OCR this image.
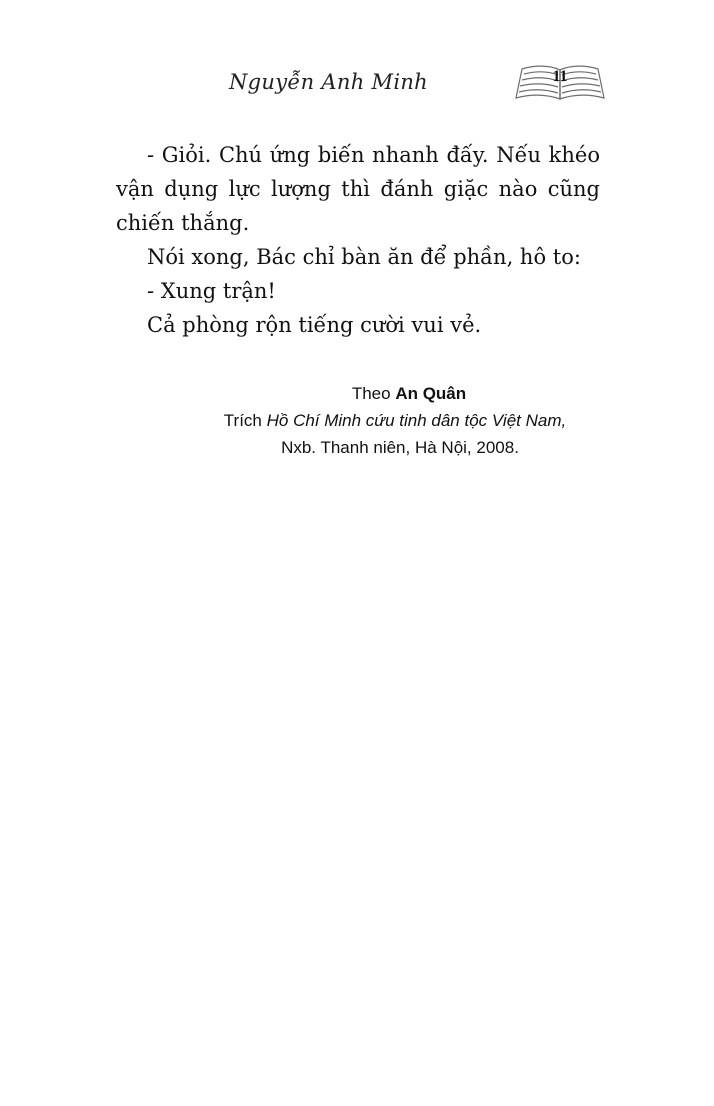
Nguyễn Anh Minh	11

- Giỏi. Chú ứng biến nhanh đấy. Nếu khéo vận dụng lực lượng thì đánh giặc nào cũng chiến thắng.

Nói xong, Bác chỉ bàn ăn để phần, hô to:

- Xung trận!

Cả phòng rộn tiếng cười vui vẻ.

Theo An Quân
Trích Hồ Chí Minh cứu tinh dân tộc Việt Nam,
Nxb. Thanh niên, Hà Nội, 2008.
